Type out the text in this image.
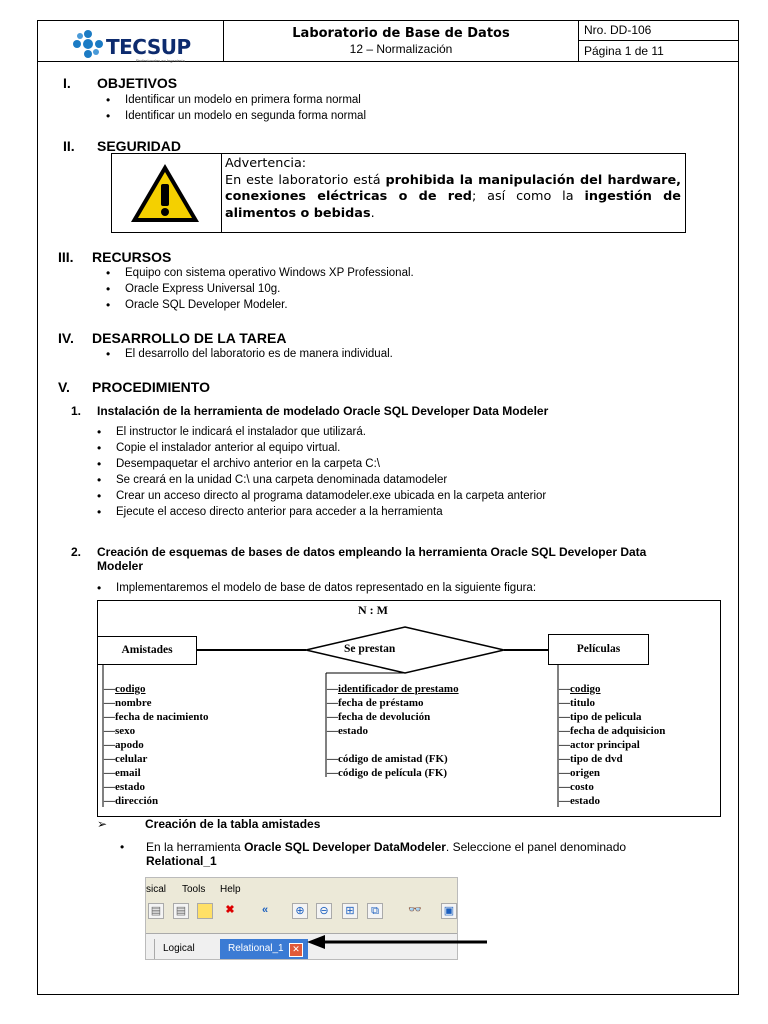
TECSUP
Profesionales en Ingeniería
Laboratorio de Base de Datos
12 – Normalización
Nro. DD-106
Página 1 de 11
I. OBJETIVOS
• Identificar un modelo en primera forma normal
• Identificar un modelo en segunda forma normal
II. SEGURIDAD
Advertencia:
En este laboratorio está prohibida la manipulación del hardware, conexiones eléctricas o de red; así como la ingestión de alimentos o bebidas.
III. RECURSOS
• Equipo con sistema operativo Windows XP Professional.
• Oracle Express Universal 10g.
• Oracle SQL Developer Modeler.
IV. DESARROLLO DE LA TAREA
• El desarrollo del laboratorio es de manera individual.
V. PROCEDIMIENTO
1. Instalación de la herramienta de modelado Oracle SQL Developer Data Modeler
• El instructor le indicará el instalador que utilizará.
• Copie el instalador anterior al equipo virtual.
• Desempaquetar el archivo anterior en la carpeta C:\
• Se creará en la unidad C:\ una carpeta denominada datamodeler
• Crear un acceso directo al programa datamodeler.exe ubicada en la carpeta anterior
• Ejecute el acceso directo anterior para acceder a la herramienta
2. Creación de esquemas de bases de datos empleando la herramienta Oracle SQL Developer Data
Modeler
• Implementaremos el modelo de base de datos representado en la siguiente figura:
N : M
Amistades	Se prestan	Películas
—codigo
—nombre
—fecha de nacimiento
—sexo
—apodo
—celular
—email
—estado
—dirección
—identificador de prestamo
—fecha de préstamo
—fecha de devolución
—estado
—código de amistad (FK)
—código de película (FK)
—codigo
—titulo
—tipo de pelicula
—fecha de adquisicion
—actor principal
—tipo de dvd
—origen
—costo
—estado
➢	Creación de la tabla amistades
• En la herramienta Oracle SQL Developer DataModeler. Seleccione el panel denominado
Relational_1
sical Tools Help
▤ ▤	✖	«	⊕	⊖	⊞	⧉	👓 ▣
Logical	Relational_1 ✕
